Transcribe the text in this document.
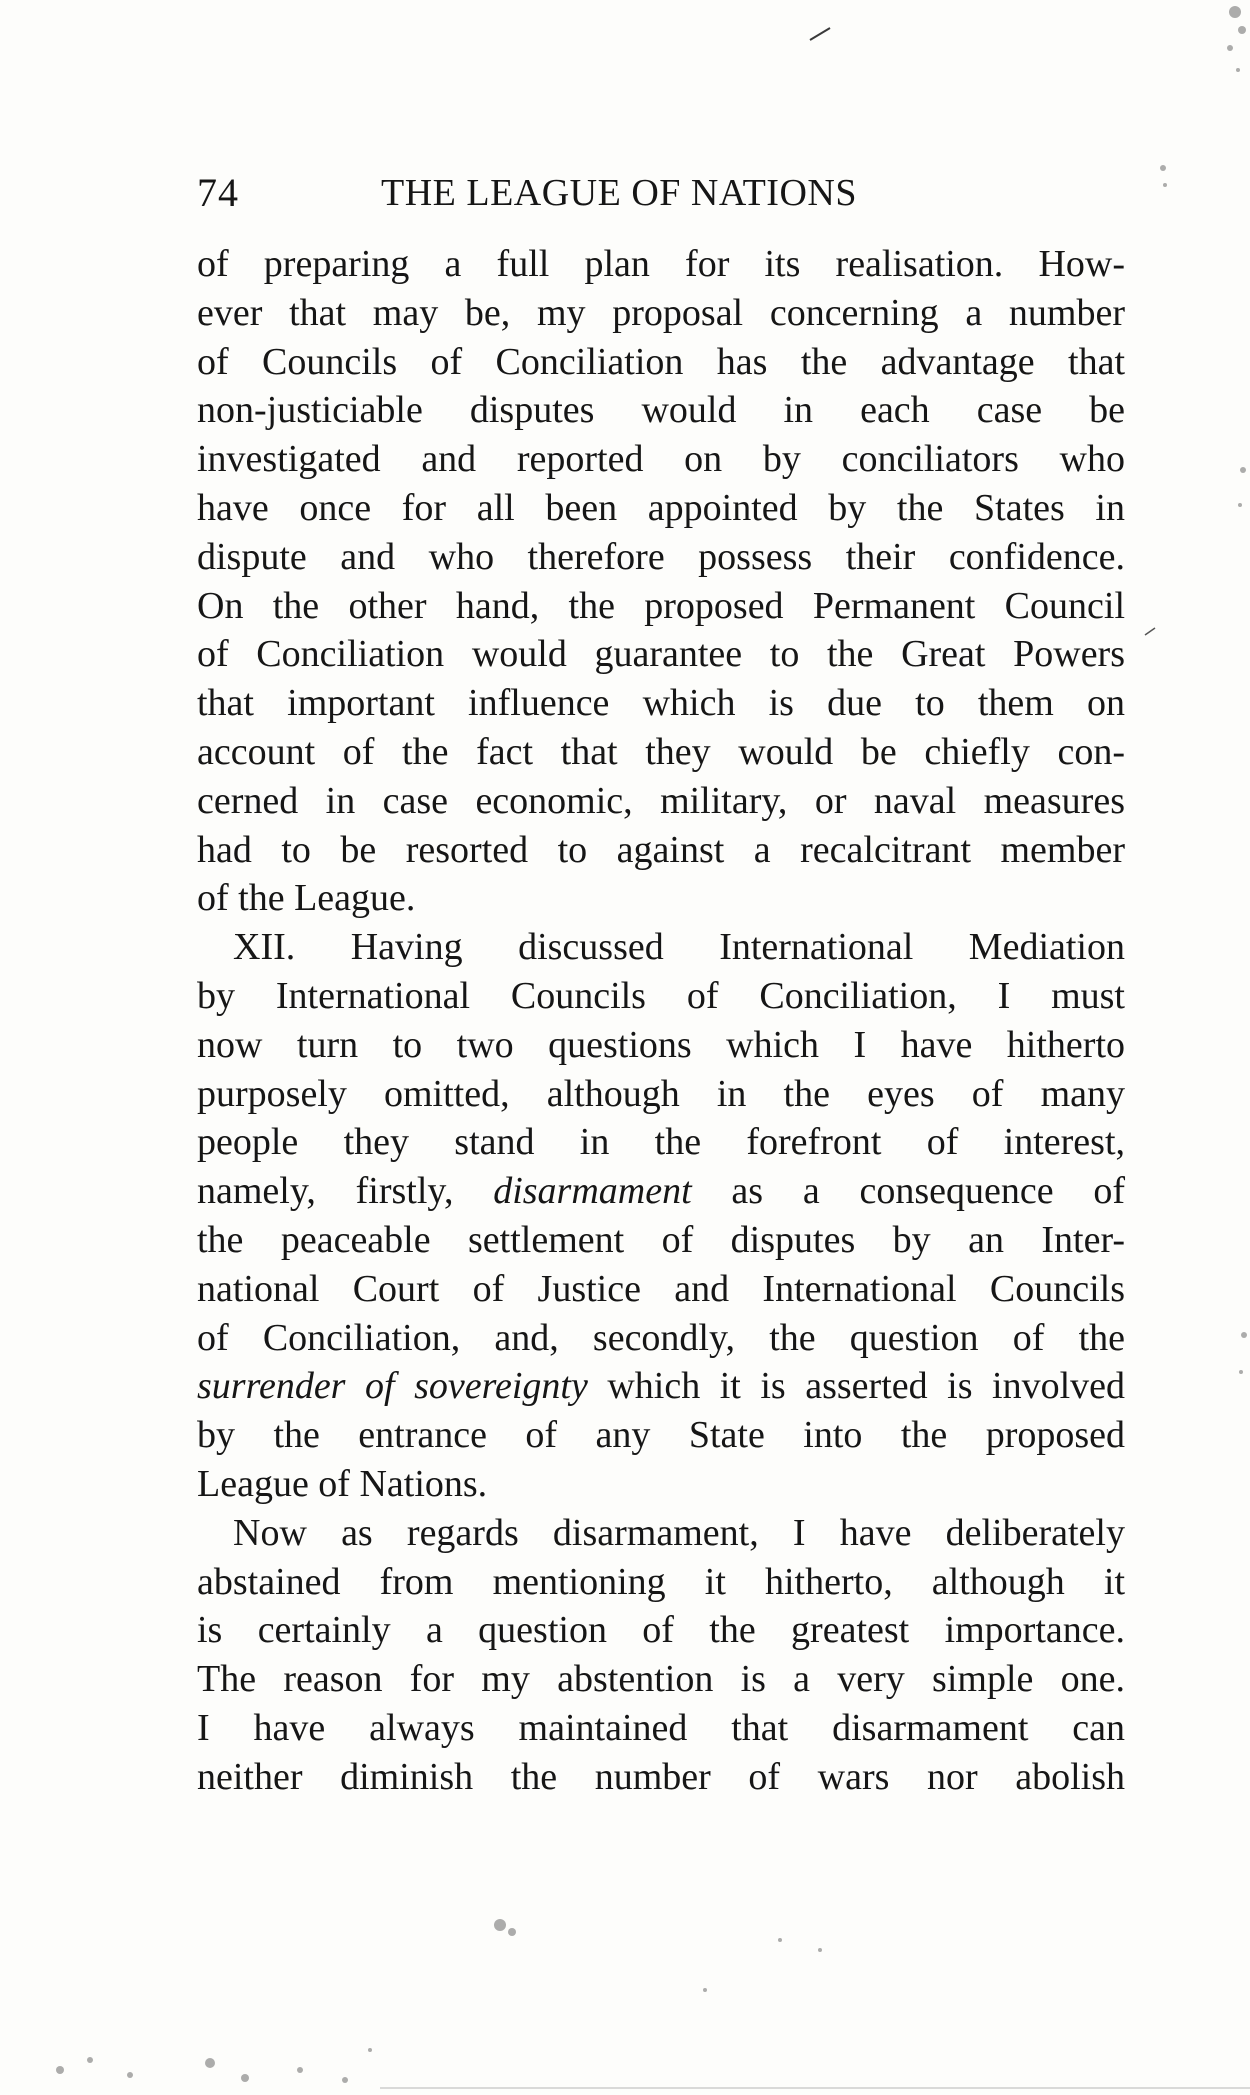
74	THE LEAGUE OF NATIONS
of preparing a full plan for its realisation. How-
ever that may be, my proposal concerning a number
of Councils of Conciliation has the advantage that
non-justiciable disputes would in each case be
investigated and reported on by conciliators who
have once for all been appointed by the States in
dispute and who therefore possess their confidence.
On the other hand, the proposed Permanent Council
of Conciliation would guarantee to the Great Powers
that important influence which is due to them on
account of the fact that they would be chiefly con-
cerned in case economic, military, or naval measures
had to be resorted to against a recalcitrant member
of the League.
XII. Having discussed International Mediation
by International Councils of Conciliation, I must
now turn to two questions which I have hitherto
purposely omitted, although in the eyes of many
people they stand in the forefront of interest,
namely, firstly, disarmament as a consequence of
the peaceable settlement of disputes by an Inter-
national Court of Justice and International Councils
of Conciliation, and, secondly, the question of the
surrender of sovereignty which it is asserted is involved
by the entrance of any State into the proposed
League of Nations.
Now as regards disarmament, I have deliberately
abstained from mentioning it hitherto, although it
is certainly a question of the greatest importance.
The reason for my abstention is a very simple one.
I have always maintained that disarmament can
neither diminish the number of wars nor abolish
